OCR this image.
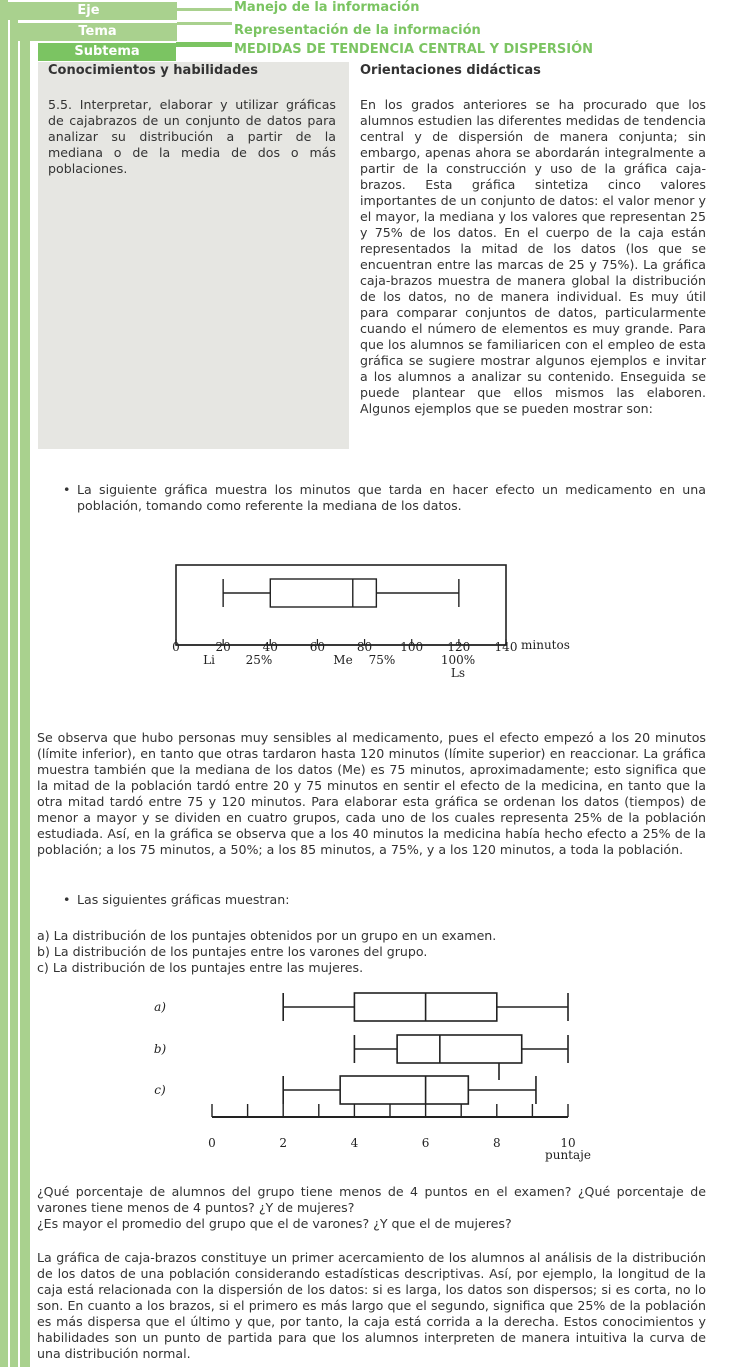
Eje	Manejo de la información
Tema	Representación de la información
Subtema	MEDIDAS DE TENDENCIA CENTRAL Y DISPERSIÓN
Conocimientos y habilidades	Orientaciones didácticas

5.5. Interpretar, elaborar y utilizar gráficas de cajabrazos de un conjunto de datos para analizar su distribución a partir de la mediana o de la media de dos o más poblaciones.

En los grados anteriores se ha procurado que los alumnos estudien las diferentes medidas de tendencia central y de dispersión de manera conjunta; sin embargo, apenas ahora se abordarán integralmente a partir de la construcción y uso de la gráfica caja-brazos. Esta gráfica sintetiza cinco valores importantes de un conjunto de datos: el valor menor y el mayor, la mediana y los valores que representan 25 y 75% de los datos. En el cuerpo de la caja están representados la mitad de los datos (los que se encuentran entre las marcas de 25 y 75%). La gráfica caja-brazos muestra de manera global la distribución de los datos, no de manera individual. Es muy útil para comparar conjuntos de datos, particularmente cuando el número de elementos es muy grande. Para que los alumnos se familiaricen con el empleo de esta gráfica se sugiere mostrar algunos ejemplos e invitar a los alumnos a analizar su contenido. Enseguida se puede plantear que ellos mismos las elaboren. Algunos ejemplos que se pueden mostrar son:

• La siguiente gráfica muestra los minutos que tarda en hacer efecto un medicamento en una población, tomando como referente la mediana de los datos.
0	20	40	60	80 100 120 140 minutos
Li	25%	Me 75%	100%
Ls

Se observa que hubo personas muy sensibles al medicamento, pues el efecto empezó a los 20 minutos (límite inferior), en tanto que otras tardaron hasta 120 minutos (límite superior) en reaccionar. La gráfica muestra también que la mediana de los datos (Me) es 75 minutos, aproximadamente; esto significa que la mitad de la población tardó entre 20 y 75 minutos en sentir el efecto de la medicina, en tanto que la otra mitad tardó entre 75 y 120 minutos. Para elaborar esta gráfica se ordenan los datos (tiempos) de menor a mayor y se dividen en cuatro grupos, cada uno de los cuales representa 25% de la población estudiada. Así, en la gráfica se observa que a los 40 minutos la medicina había hecho efecto a 25% de la población; a los 75 minutos, a 50%; a los 85 minutos, a 75%, y a los 120 minutos, a toda la población.

• Las siguientes gráficas muestran:
a) La distribución de los puntajes obtenidos por un grupo en un examen.
b) La distribución de los puntajes entre los varones del grupo.
c) La distribución de los puntajes entre las mujeres.
a)
b)
c)
0	2	4	6	8	10
puntaje
¿Qué porcentaje de alumnos del grupo tiene menos de 4 puntos en el examen? ¿Qué porcentaje de varones tiene menos de 4 puntos? ¿Y de mujeres?
¿Es mayor el promedio del grupo que el de varones? ¿Y que el de mujeres?

La gráfica de caja-brazos constituye un primer acercamiento de los alumnos al análisis de la distribución de los datos de una población considerando estadísticas descriptivas. Así, por ejemplo, la longitud de la caja está relacionada con la dispersión de los datos: si es larga, los datos son dispersos; si es corta, no lo son. En cuanto a los brazos, si el primero es más largo que el segundo, significa que 25% de la población es más dispersa que el último y que, por tanto, la caja está corrida a la derecha. Estos conocimientos y habilidades son un punto de partida para que los alumnos interpreten de manera intuitiva la curva de una distribución normal.
